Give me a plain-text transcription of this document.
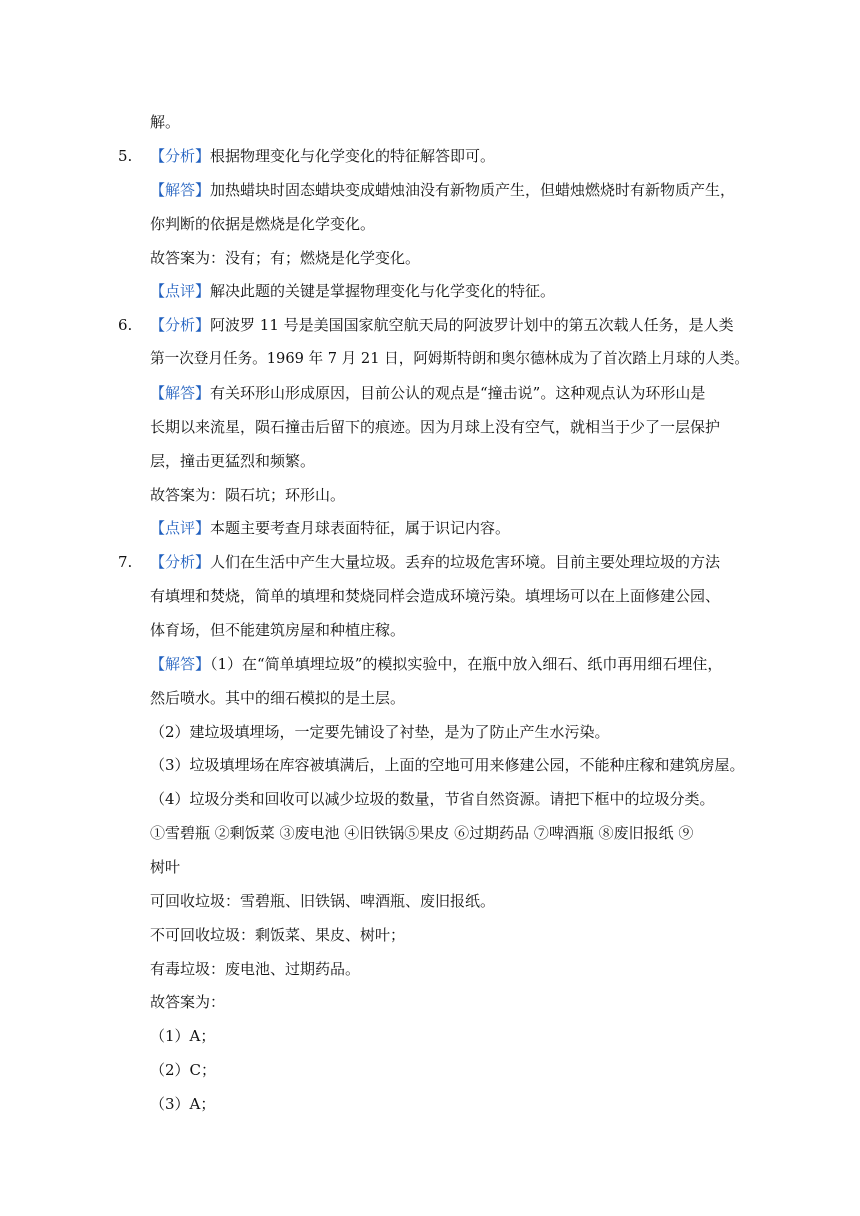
解。
5. 【分析】根据物理变化与化学变化的特征解答即可。
【解答】加热蜡块时固态蜡块变成蜡烛油没有新物质产生，但蜡烛燃烧时有新物质产生，
你判断的依据是燃烧是化学变化。
故答案为：没有；有；燃烧是化学变化。
【点评】解决此题的关键是掌握物理变化与化学变化的特征。
6. 【分析】阿波罗 11 号是美国国家航空航天局的阿波罗计划中的第五次载人任务，是人类
第一次登月任务。1969 年 7 月 21 日，阿姆斯特朗和奥尔德林成为了首次踏上月球的人类。
【解答】有关环形山形成原因，目前公认的观点是“撞击说”。这种观点认为环形山是
长期以来流星，陨石撞击后留下的痕迹。因为月球上没有空气，就相当于少了一层保护
层，撞击更猛烈和频繁。
故答案为：陨石坑；环形山。
【点评】本题主要考查月球表面特征，属于识记内容。
7. 【分析】人们在生活中产生大量垃圾。丢弃的垃圾危害环境。目前主要处理垃圾的方法
有填埋和焚烧，简单的填埋和焚烧同样会造成环境污染。填埋场可以在上面修建公园、
体育场，但不能建筑房屋和种植庄稼。
【解答】（1）在“简单填埋垃圾”的模拟实验中，在瓶中放入细石、纸巾再用细石埋住，
然后喷水。其中的细石模拟的是土层。
（2）建垃圾填埋场，一定要先铺设了衬垫，是为了防止产生水污染。
（3）垃圾填埋场在库容被填满后，上面的空地可用来修建公园，不能种庄稼和建筑房屋。
（4）垃圾分类和回收可以减少垃圾的数量，节省自然资源。请把下框中的垃圾分类。
①雪碧瓶 ②剩饭菜 ③废电池 ④旧铁锅⑤果皮 ⑥过期药品 ⑦啤酒瓶 ⑧废旧报纸 ⑨
树叶
可回收垃圾：雪碧瓶、旧铁锅、啤酒瓶、废旧报纸。
不可回收垃圾：剩饭菜、果皮、树叶；
有毒垃圾：废电池、过期药品。
故答案为：
（1）A；
（2）C；
（3）A；
